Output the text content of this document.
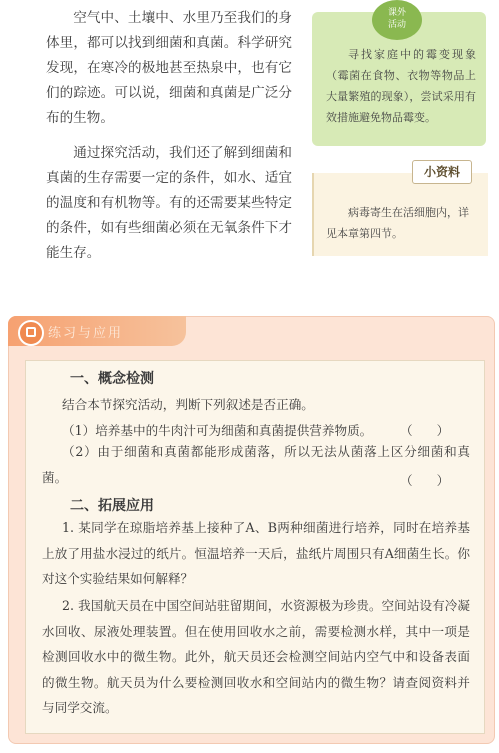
空气中、土壤中、水里乃至我们的身体里，都可以找到细菌和真菌。科学研究发现，在寒冷的极地甚至热泉中，也有它们的踪迹。可以说，细菌和真菌是广泛分布的生物。

通过探究活动，我们还了解到细菌和真菌的生存需要一定的条件，如水、适宜的温度和有机物等。有的还需要某些特定的条件，如有些细菌必须在无氧条件下才能生存。

课外
活动

寻找家庭中的霉变现象（霉菌在食物、衣物等物品上大量繁殖的现象），尝试采用有效措施避免物品霉变。

小资料

病毒寄生在活细胞内，详见本章第四节。

练习与应用

一、概念检测

结合本节探究活动，判断下列叙述是否正确。

（1）培养基中的牛肉汁可为细菌和真菌提供营养物质。 （      ）

（2）由于细菌和真菌都能形成菌落，所以无法从菌落上区分细菌和真菌。	（      ）

二、拓展应用

1. 某同学在琼脂培养基上接种了A、B两种细菌进行培养，同时在培养基上放了用盐水浸过的纸片。恒温培养一天后，盐纸片周围只有A细菌生长。你对这个实验结果如何解释？

2. 我国航天员在中国空间站驻留期间，水资源极为珍贵。空间站设有冷凝水回收、尿液处理装置。但在使用回收水之前，需要检测水样，其中一项是检测回收水中的微生物。此外，航天员还会检测空间站内空气中和设备表面的微生物。航天员为什么要检测回收水和空间站内的微生物？请查阅资料并与同学交流。
